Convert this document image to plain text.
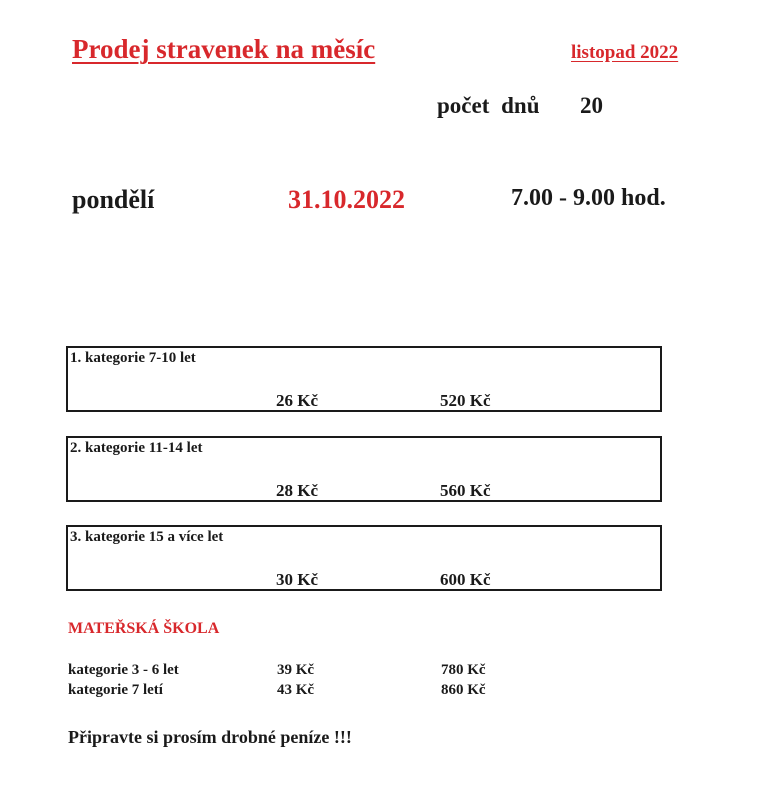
Prodej stravenek na měsíc	listopad 2022
počet dnů 20
pondělí	31.10.2022	7.00 - 9.00 hod.
1. kategorie 7-10 let
26 Kč	520 Kč
2. kategorie 11-14 let
28 Kč	560 Kč
3. kategorie 15 a více let
30 Kč	600 Kč
MATEŘSKÁ ŠKOLA
kategorie 3 - 6 let	39 Kč	780 Kč
kategorie 7 letí	43 Kč	860 Kč
Připravte si prosím drobné peníze !!!
